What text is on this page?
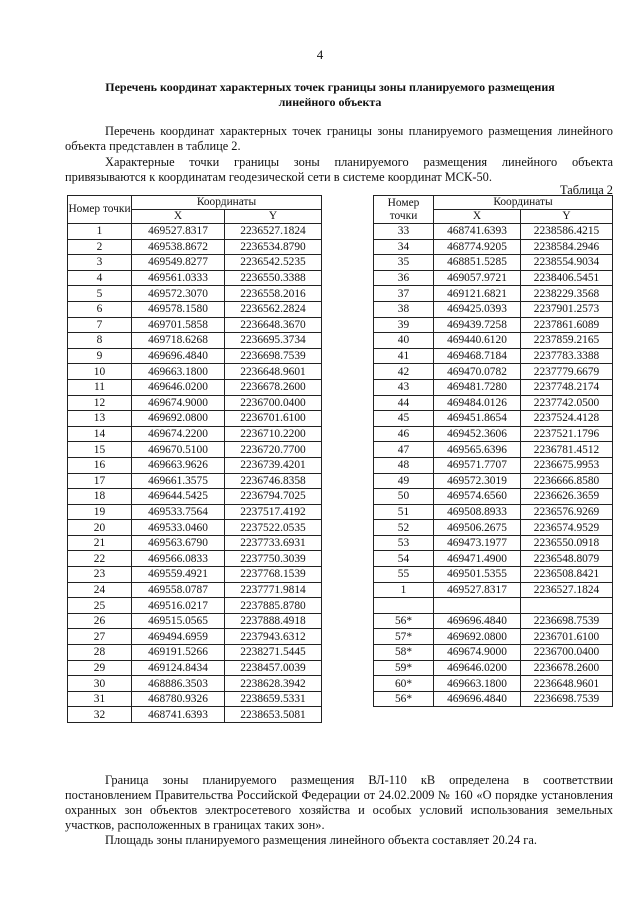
4
Перечень координат характерных точек границы зоны планируемого размещения
линейного объекта
Перечень координат характерных точек границы зоны планируемого размещения линейного объекта представлен в таблице 2.
Характерные точки границы зоны планируемого размещения линейного объекта привязываются к координатам геодезической сети в системе координат МСК-50.
Таблица 2
Номер точки	Координаты	
	X	Y
1	469527.8317	2236527.1824
2	469538.8672	2236534.8790
3	469549.8277	2236542.5235
4	469561.0333	2236550.3388
5	469572.3070	2236558.2016
6	469578.1580	2236562.2824
7	469701.5858	2236648.3670
8	469718.6268	2236695.3734
9	469696.4840	2236698.7539
10	469663.1800	2236648.9601
11	469646.0200	2236678.2600
12	469674.9000	2236700.0400
13	469692.0800	2236701.6100
14	469674.2200	2236710.2200
15	469670.5100	2236720.7700
16	469663.9626	2236739.4201
17	469661.3575	2236746.8358
18	469644.5425	2236794.7025
19	469533.7564	2237517.4192
20	469533.0460	2237522.0535
21	469563.6790	2237733.6931
22	469566.0833	2237750.3039
23	469559.4921	2237768.1539
24	469558.0787	2237771.9814
25	469516.0217	2237885.8780
26	469515.0565	2237888.4918
27	469494.6959	2237943.6312
28	469191.5266	2238271.5445
29	469124.8434	2238457.0039
30	468886.3503	2238628.3942
31	468780.9326	2238659.5331
32	468741.6393	2238653.5081
Номер точки	Координаты	
	X	Y
33	468741.6393	2238586.4215
34	468774.9205	2238584.2946
35	468851.5285	2238554.9034
36	469057.9721	2238406.5451
37	469121.6821	2238229.3568
38	469425.0393	2237901.2573
39	469439.7258	2237861.6089
40	469440.6120	2237859.2165
41	469468.7184	2237783.3388
42	469470.0782	2237779.6679
43	469481.7280	2237748.2174
44	469484.0126	2237742.0500
45	469451.8654	2237524.4128
46	469452.3606	2237521.1796
47	469565.6396	2236781.4512
48	469571.7707	2236675.9953
49	469572.3019	2236666.8580
50	469574.6560	2236626.3659
51	469508.8933	2236576.9269
52	469506.2675	2236574.9529
53	469473.1977	2236550.0918
54	469471.4900	2236548.8079
55	469501.5355	2236508.8421
1	469527.8317	2236527.1824

56*	469696.4840	2236698.7539
57*	469692.0800	2236701.6100
58*	469674.9000	2236700.0400
59*	469646.0200	2236678.2600
60*	469663.1800	2236648.9601
56*	469696.4840	2236698.7539
Граница зоны планируемого размещения ВЛ-110 кВ определена в соответствии постановлением Правительства Российской Федерации от 24.02.2009 № 160 «О порядке установления охранных зон объектов электросетевого хозяйства и особых условий использования земельных участков, расположенных в границах таких зон».
Площадь зоны планируемого размещения линейного объекта составляет 20.24 га.
